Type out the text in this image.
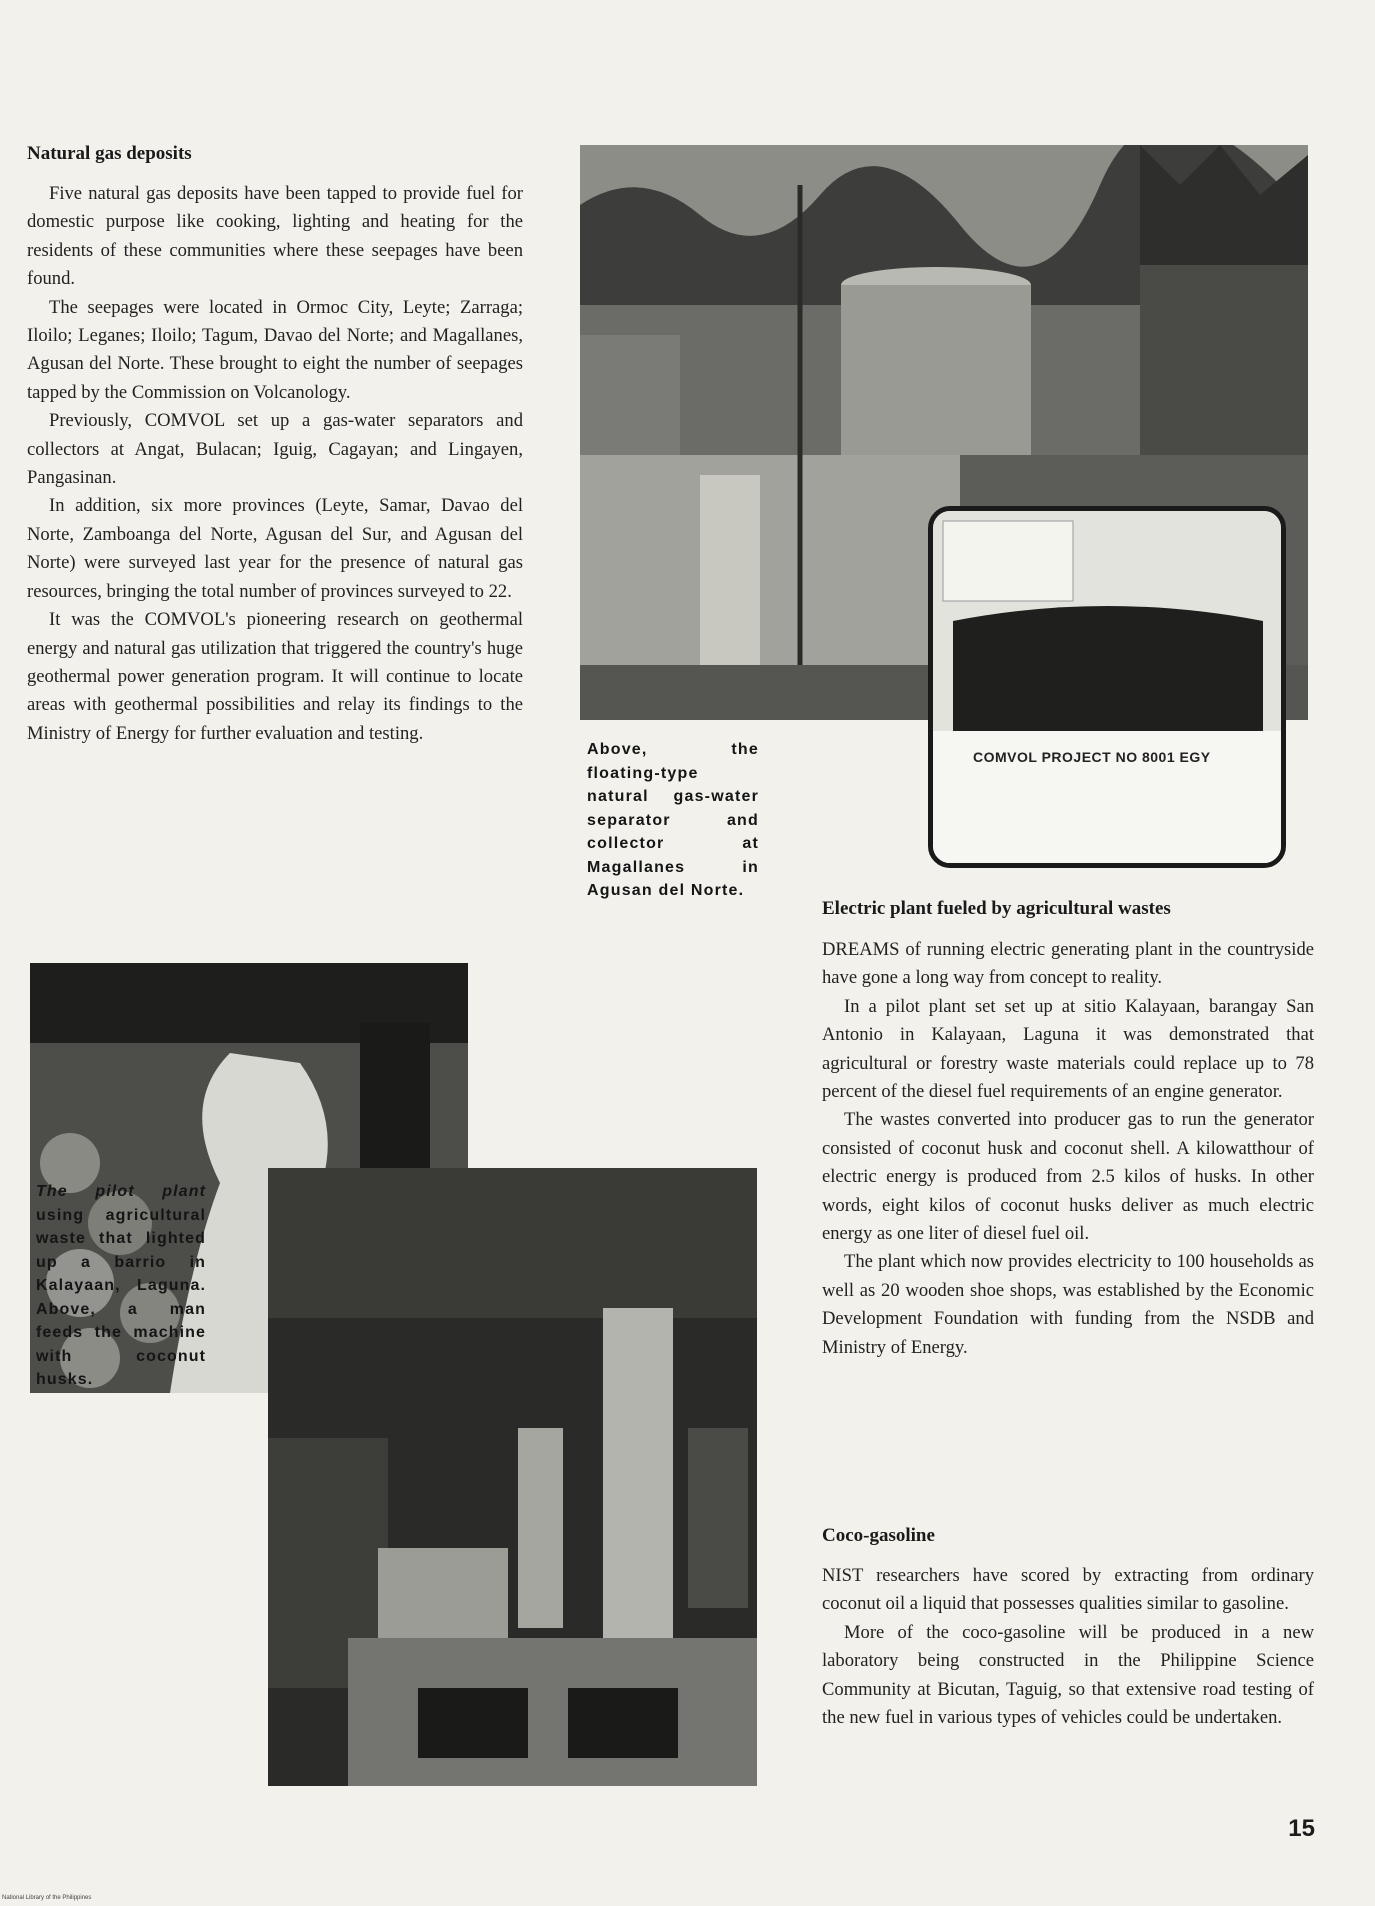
Natural gas deposits

Five natural gas deposits have been tapped to provide fuel for domestic purpose like cooking, lighting and heating for the residents of these communities where these seepages have been found.

The seepages were located in Ormoc City, Leyte; Zarraga; Iloilo; Leganes; Iloilo; Tagum, Davao del Norte; and Magallanes, Agusan del Norte. These brought to eight the number of seepages tapped by the Commission on Volcanology.

Previously, COMVOL set up a gas-water separators and collectors at Angat, Bulacan; Iguig, Cagayan; and Lingayen, Pangasinan.

In addition, six more provinces (Leyte, Samar, Davao del Norte, Zamboanga del Norte, Agusan del Sur, and Agusan del Norte) were surveyed last year for the presence of natural gas resources, bringing the total number of provinces surveyed to 22.

It was the COMVOL's pioneering research on geothermal energy and natural gas utilization that triggered the country's huge geothermal power generation program. It will continue to locate areas with geothermal possibilities and relay its findings to the Ministry of Energy for further evaluation and testing.

COMVOL PROJECT NO 8001 EGY
Above, the floating-type natural gas-water separator and collector at Magallanes in Agusan del Norte.
Electric plant fueled by agricultural wastes

DREAMS of running electric generating plant in the countryside have gone a long way from concept to reality.

In a pilot plant set set up at sitio Kalayaan, barangay San Antonio in Kalayaan, Laguna it was demonstrated that agricultural or forestry waste materials could replace up to 78 percent of the diesel fuel requirements of an engine generator.

The wastes converted into producer gas to run the generator consisted of coconut husk and coconut shell. A kilowatthour of electric energy is produced from 2.5 kilos of husks. In other words, eight kilos of coconut husks deliver as much electric energy as one liter of diesel fuel oil.

The plant which now provides electricity to 100 households as well as 20 wooden shoe shops, was established by the Economic Development Foundation with funding from the NSDB and Ministry of Energy.

Coco-gasoline

NIST researchers have scored by extracting from ordinary coconut oil a liquid that possesses qualities similar to gasoline.

More of the coco-gasoline will be produced in a new laboratory being constructed in the Philippine Science Community at Bicutan, Taguig, so that extensive road testing of the new fuel in various types of vehicles could be undertaken.

The pilot plant using agricultural waste that lighted up a barrio in Kalayaan, Laguna. Above, a man feeds the machine with coconut husks.
15
National Library of the Philippines
